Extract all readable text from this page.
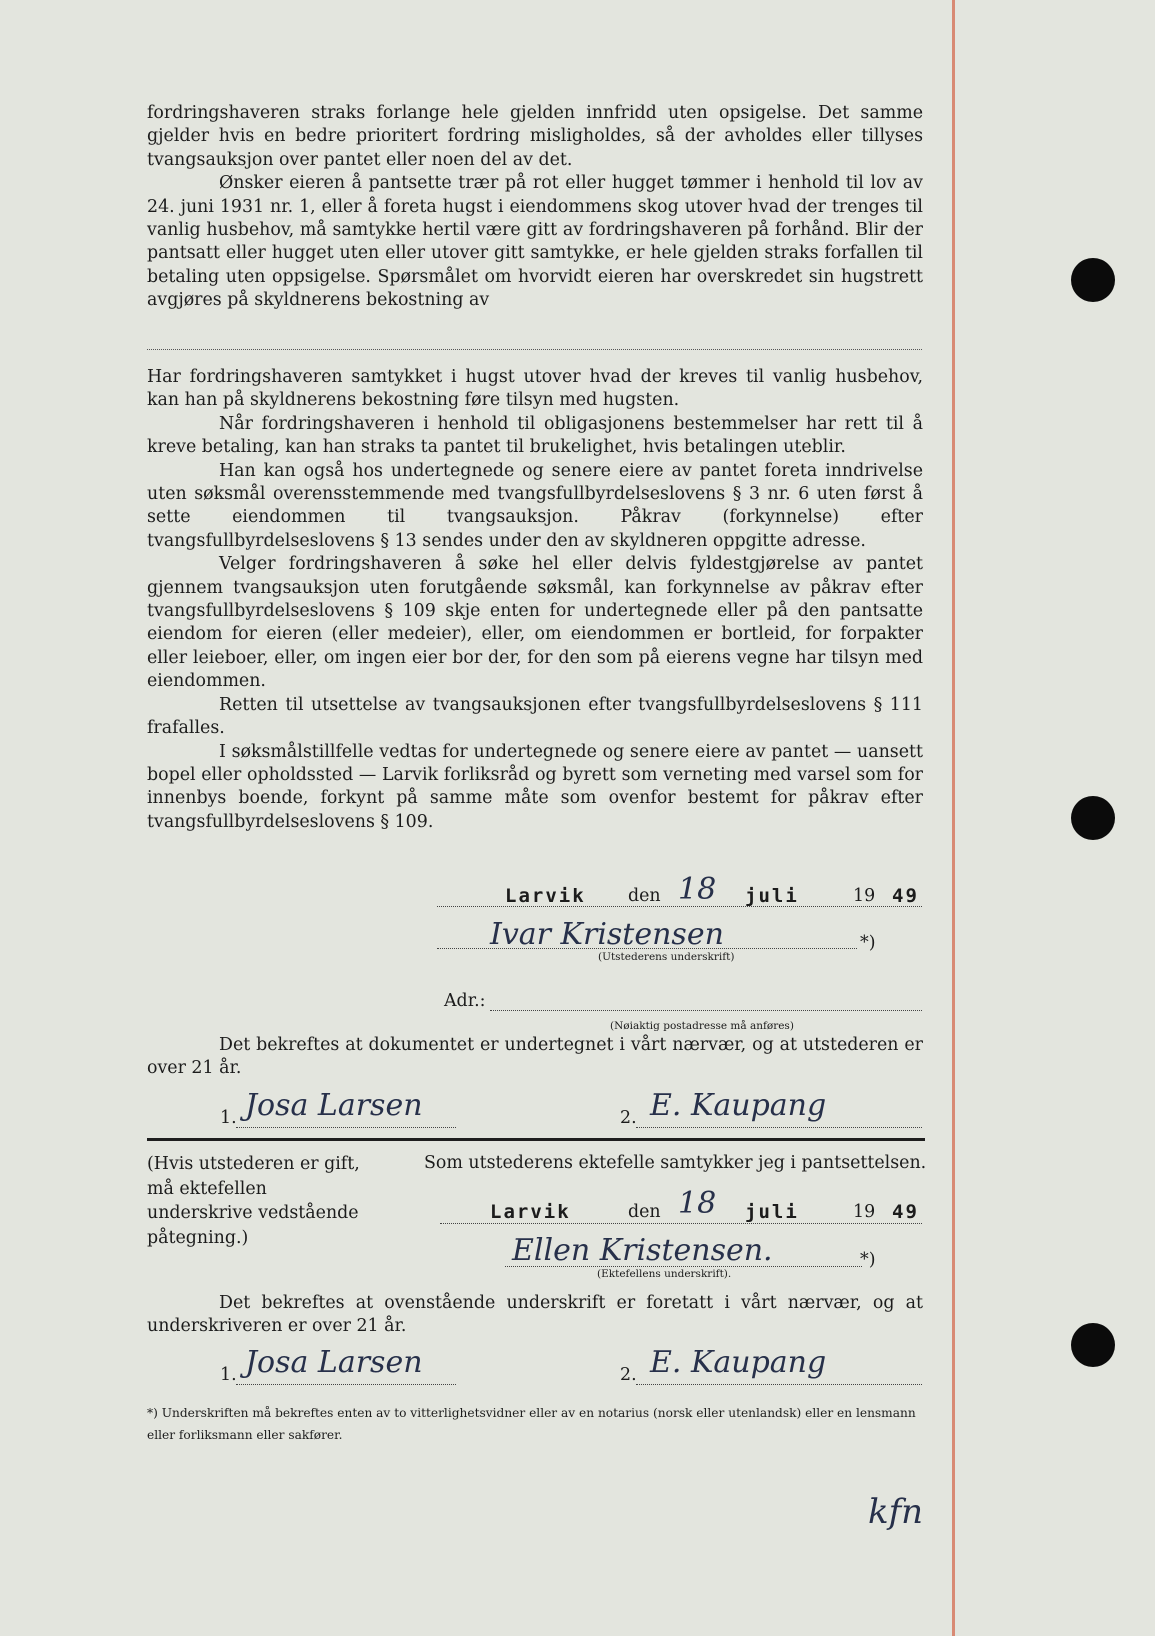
fordringshaveren straks forlange hele gjelden innfridd uten opsigelse. Det samme gjelder hvis en bedre prioritert fordring misligholdes, så der avholdes eller tillyses tvangsauksjon over pantet eller noen del av det.

Ønsker eieren å pantsette trær på rot eller hugget tømmer i henhold til lov av 24. juni 1931 nr. 1, eller å foreta hugst i eiendommens skog utover hvad der trenges til vanlig husbehov, må samtykke hertil være gitt av fordringshaveren på forhånd. Blir der pantsatt eller hugget uten eller utover gitt samtykke, er hele gjelden straks forfallen til betaling uten oppsigelse. Spørsmålet om hvorvidt eieren har overskredet sin hugstrett avgjøres på skyldnerens bekostning av

Har fordringshaveren samtykket i hugst utover hvad der kreves til vanlig husbehov, kan han på skyldnerens bekostning føre tilsyn med hugsten.

Når fordringshaveren i henhold til obligasjonens bestemmelser har rett til å kreve betaling, kan han straks ta pantet til brukelighet, hvis betalingen uteblir.

Han kan også hos undertegnede og senere eiere av pantet foreta inndrivelse uten søksmål overensstemmende med tvangsfullbyrdelseslovens § 3 nr. 6 uten først å sette eiendommen til tvangsauksjon. Påkrav (forkynnelse) efter tvangsfullbyrdelseslovens § 13 sendes under den av skyldneren oppgitte adresse.

Velger fordringshaveren å søke hel eller delvis fyldestgjørelse av pantet gjennem tvangsauksjon uten forutgående søksmål, kan forkynnelse av påkrav efter tvangsfullbyrdelseslovens § 109 skje enten for undertegnede eller på den pantsatte eiendom for eieren (eller medeier), eller, om eiendommen er bortleid, for forpakter eller leieboer, eller, om ingen eier bor der, for den som på eierens vegne har tilsyn med eiendommen.

Retten til utsettelse av tvangsauksjonen efter tvangsfullbyrdelseslovens § 111 frafalles.

I søksmålstillfelle vedtas for undertegnede og senere eiere av pantet — uansett bopel eller opholdssted — Larvik forliksråd og byrett som verneting med varsel som for innenbys boende, forkynt på samme måte som ovenfor bestemt for påkrav efter tvangsfullbyrdelseslovens § 109.

Larvik den 18 juli	19 49
Ivar Kristensen	*)
(Utstederens underskrift)
Adr.:
(Nøiaktig postadresse må anføres)

Det bekreftes at dokumentet er undertegnet i vårt nærvær, og at utstederen er over 21 år.

1. Josa Larsen	2. E. Kaupang
(Hvis utstederen er gift, må ektefellen underskrive vedstående påtegning.)
Som utstederens ektefelle samtykker jeg i pantsettelsen.
Larvik	den 18 juli	19 49
Ellen Kristensen.	*)
(Ektefellens underskrift).

Det bekreftes at ovenstående underskrift er foretatt i vårt nærvær, og at underskriveren er over 21 år.

1. Josa Larsen	2. E. Kaupang
*) Underskriften må bekreftes enten av to vitterlighetsvidner eller av en notarius (norsk eller utenlandsk) eller en lensmann eller forliksmann eller sakfører.
kfn
